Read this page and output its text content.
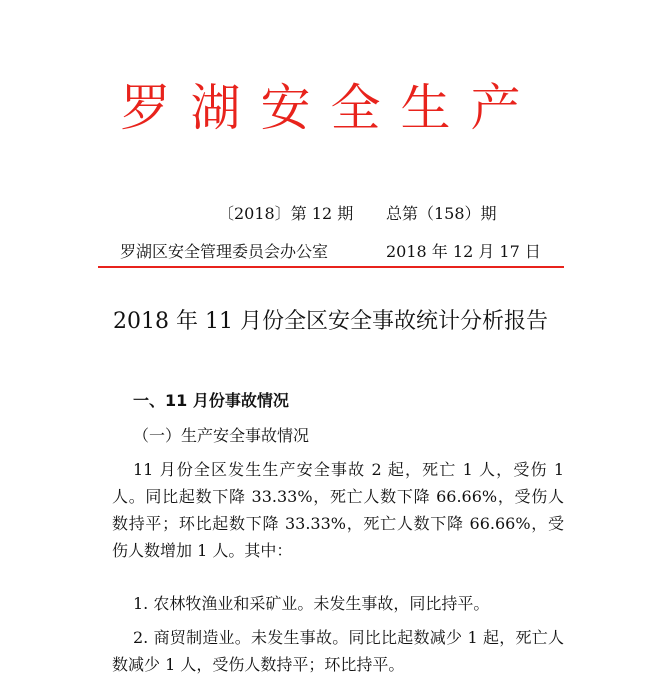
罗湖安全生产
〔2018〕第 12 期 总第（158）期
罗湖区安全管理委员会办公室	2018 年 12 月 17 日
2018 年 11 月份全区安全事故统计分析报告
一、11 月份事故情况
（一）生产安全事故情况
11 月份全区发生生产安全事故 2 起，死亡 1 人，受伤 1 人。同比起数下降 33.33%，死亡人数下降 66.66%，受伤人数持平；环比起数下降 33.33%，死亡人数下降 66.66%，受伤人数增加 1 人。其中：
1. 农林牧渔业和采矿业。未发生事故，同比持平。
2. 商贸制造业。未发生事故。同比比起数减少 1 起，死亡人数减少 1 人，受伤人数持平；环比持平。
